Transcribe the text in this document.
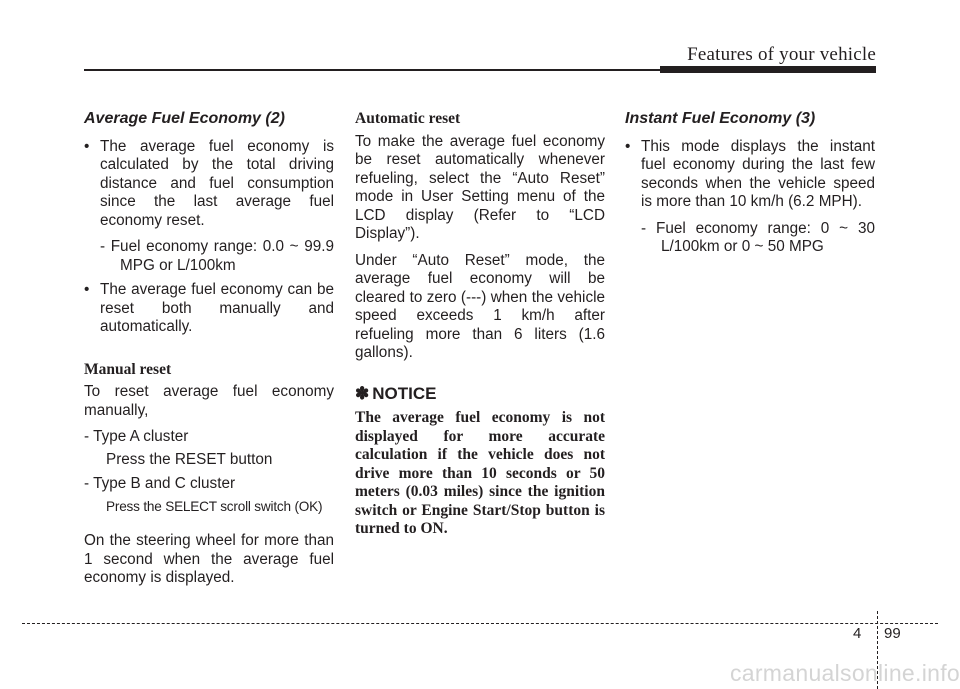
Features of your vehicle
Average Fuel Economy (2)
• The average fuel economy is calculated by the total driving distance and fuel consumption since the last average fuel economy reset.
- Fuel economy range: 0.0 ~ 99.9 MPG or L/100km
• The average fuel economy can be reset both manually and automatically.
Manual reset
To reset average fuel economy manually,
- Type A cluster
Press the RESET button
- Type B and C cluster
Press the SELECT scroll switch (OK)
On the steering wheel for more than 1 second when the average fuel economy is displayed.
Automatic reset
To make the average fuel economy be reset automatically whenever refueling, select the “Auto Reset” mode in User Setting menu of the LCD display (Refer to “LCD Display”).
Under “Auto Reset” mode, the average fuel economy will be cleared to zero (---) when the vehicle speed exceeds 1 km/h after refueling more than 6 liters (1.6 gallons).
✽ NOTICE
The average fuel economy is not displayed for more accurate calculation if the vehicle does not drive more than 10 seconds or 50 meters (0.03 miles) since the ignition switch or Engine Start/Stop button is turned to ON.
Instant Fuel Economy (3)
• This mode displays the instant fuel economy during the last few seconds when the vehicle speed is more than 10 km/h (6.2 MPH).
- Fuel economy range: 0 ~ 30 L/100km or 0 ~ 50 MPG
4 99
carmanualsonline.info
